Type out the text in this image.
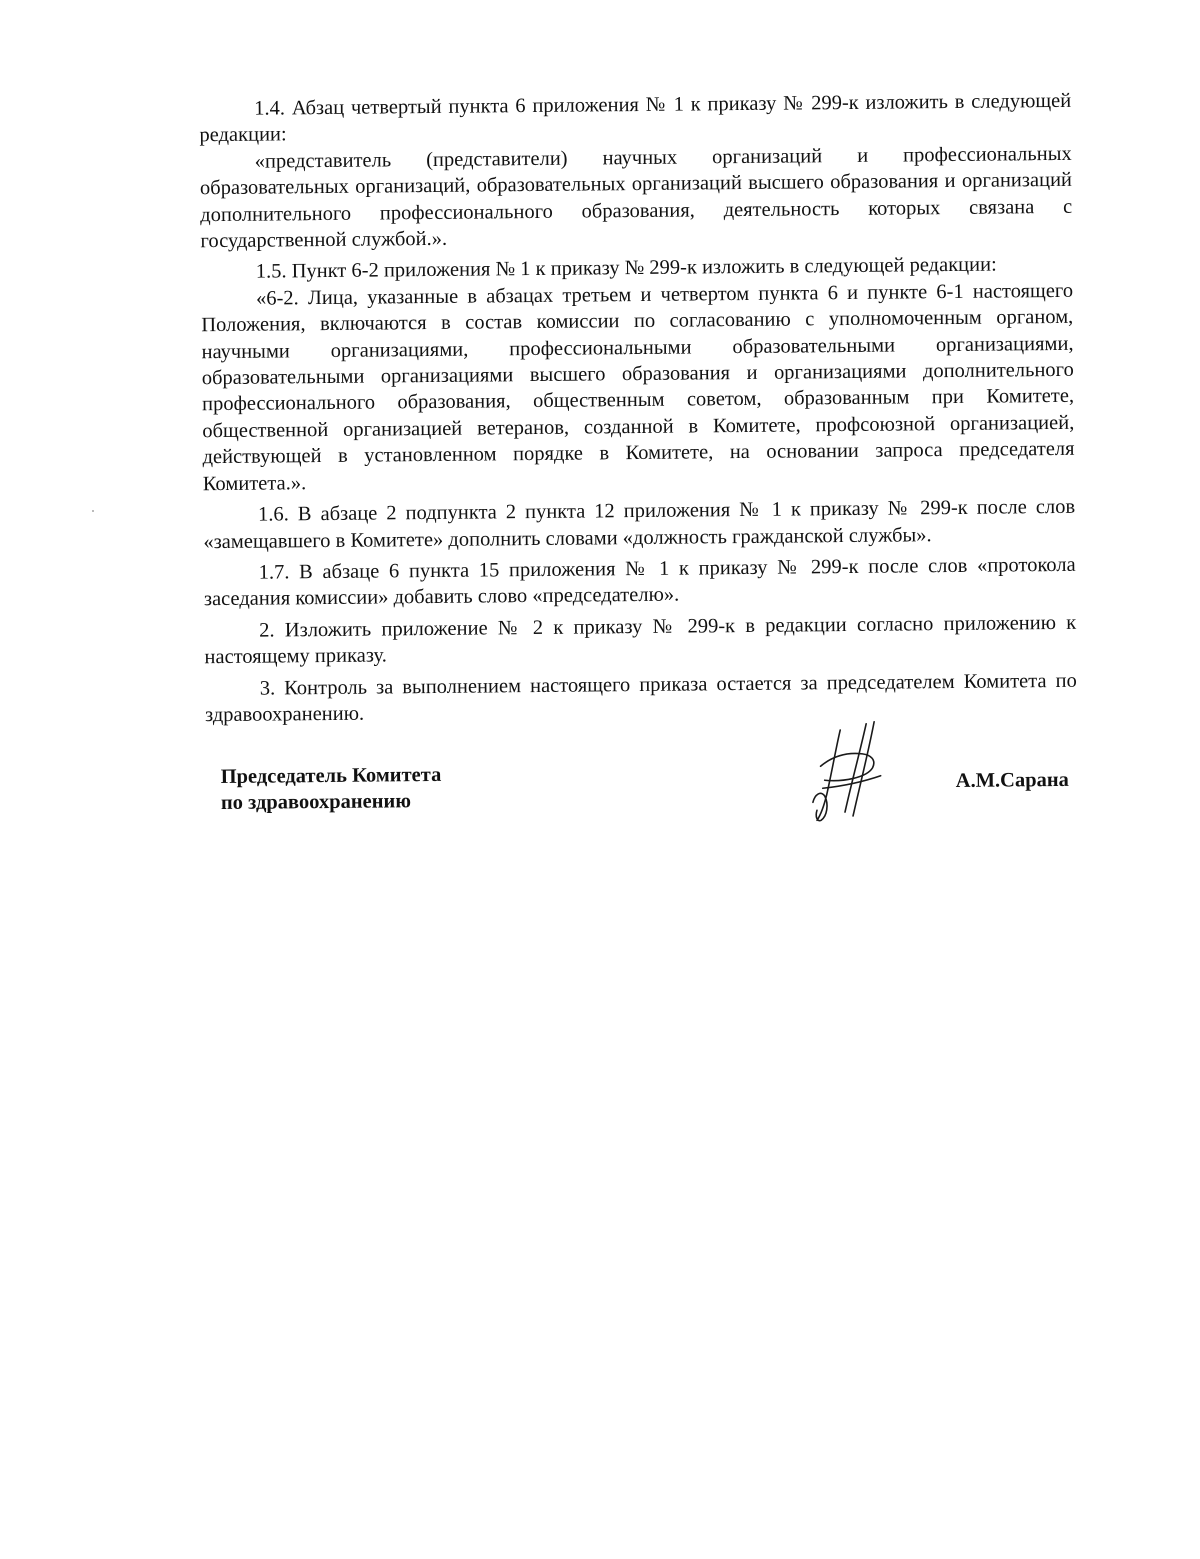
1.4. Абзац четвертый пункта 6 приложения № 1 к приказу № 299-к изложить в следующей редакции:

«представитель (представители) научных организаций и профессиональных образовательных организаций, образовательных организаций высшего образования и организаций дополнительного профессионального образования, деятельность которых связана с государственной службой.».

1.5. Пункт 6-2 приложения № 1 к приказу № 299-к изложить в следующей редакции:

«6-2. Лица, указанные в абзацах третьем и четвертом пункта 6 и пункте 6-1 настоящего Положения, включаются в состав комиссии по согласованию с уполномоченным органом, научными организациями, профессиональными образовательными организациями, образовательными организациями высшего образования и организациями дополнительного профессионального образования, общественным советом, образованным при Комитете, общественной организацией ветеранов, созданной в Комитете, профсоюзной организацией, действующей в установленном порядке в Комитете, на основании запроса председателя Комитета.».

1.6. В абзаце 2 подпункта 2 пункта 12 приложения № 1 к приказу № 299-к после слов «замещавшего в Комитете» дополнить словами «должность гражданской службы».

1.7. В абзаце 6 пункта 15 приложения № 1 к приказу № 299-к после слов «протокола заседания комиссии» добавить слово «председателю».

2. Изложить приложение № 2 к приказу № 299-к в редакции согласно приложению к настоящему приказу.

3. Контроль за выполнением настоящего приказа остается за председателем Комитета по здравоохранению.

Председатель Комитета
по здравоохранению
А.М.Сарана
